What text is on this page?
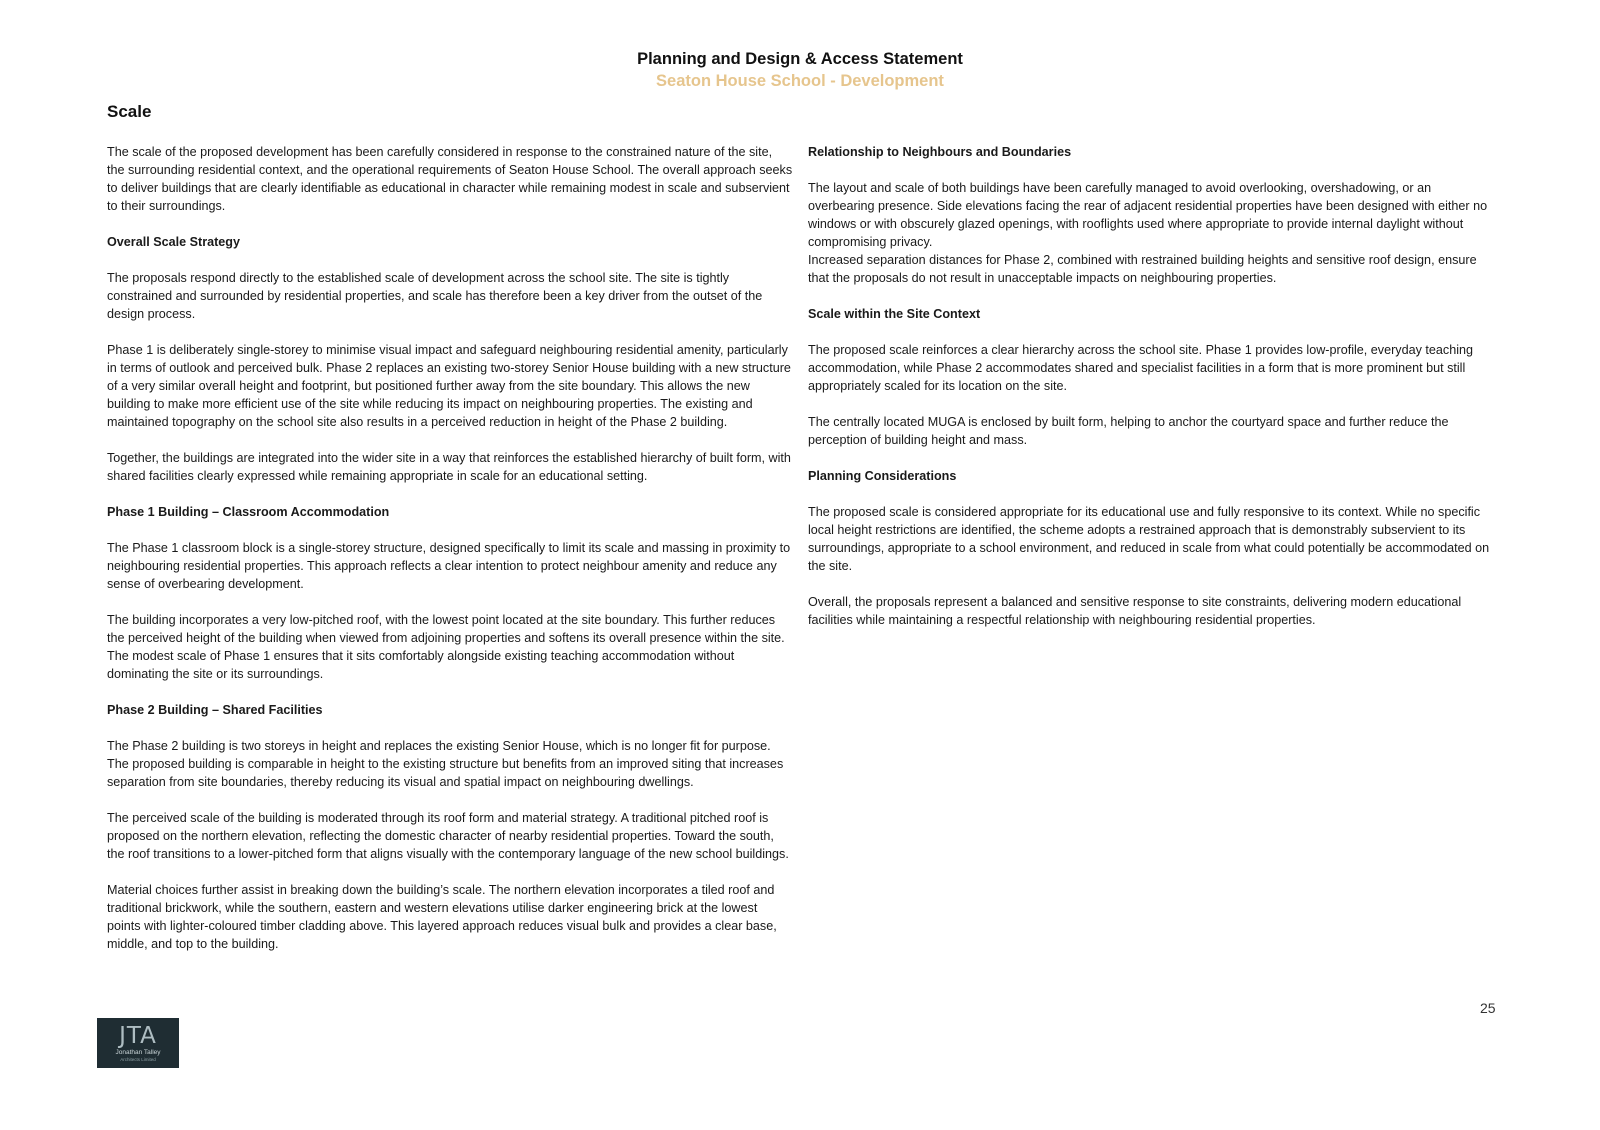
Planning and Design & Access Statement
Seaton House School - Development
Scale

The scale of the proposed development has been carefully considered in response to the constrained nature of the site, the surrounding residential context, and the operational requirements of Seaton House School. The overall approach seeks to deliver buildings that are clearly identifiable as educational in character while remaining modest in scale and subservient to their surroundings.

Overall Scale Strategy

The proposals respond directly to the established scale of development across the school site. The site is tightly constrained and surrounded by residential properties, and scale has therefore been a key driver from the outset of the design process.

Phase 1 is deliberately single-storey to minimise visual impact and safeguard neighbouring residential amenity, particularly in terms of outlook and perceived bulk. Phase 2 replaces an existing two-storey Senior House building with a new structure of a very similar overall height and footprint, but positioned further away from the site boundary. This allows the new building to make more efficient use of the site while reducing its impact on neighbouring properties. The existing and maintained topography on the school site also results in a perceived reduction in height of the Phase 2 building.

Together, the buildings are integrated into the wider site in a way that reinforces the established hierarchy of built form, with shared facilities clearly expressed while remaining appropriate in scale for an educational setting.

Phase 1 Building – Classroom Accommodation

The Phase 1 classroom block is a single-storey structure, designed specifically to limit its scale and massing in proximity to neighbouring residential properties. This approach reflects a clear intention to protect neighbour amenity and reduce any sense of overbearing development.

The building incorporates a very low-pitched roof, with the lowest point located at the site boundary. This further reduces the perceived height of the building when viewed from adjoining properties and softens its overall presence within the site. The modest scale of Phase 1 ensures that it sits comfortably alongside existing teaching accommodation without dominating the site or its surroundings.

Phase 2 Building – Shared Facilities

The Phase 2 building is two storeys in height and replaces the existing Senior House, which is no longer fit for purpose. The proposed building is comparable in height to the existing structure but benefits from an improved siting that increases separation from site boundaries, thereby reducing its visual and spatial impact on neighbouring dwellings.

The perceived scale of the building is moderated through its roof form and material strategy. A traditional pitched roof is proposed on the northern elevation, reflecting the domestic character of nearby residential properties. Toward the south, the roof transitions to a lower-pitched form that aligns visually with the contemporary language of the new school buildings.

Material choices further assist in breaking down the building’s scale. The northern elevation incorporates a tiled roof and traditional brickwork, while the southern, eastern and western elevations utilise darker engineering brick at the lowest points with lighter-coloured timber cladding above. This layered approach reduces visual bulk and provides a clear base, middle, and top to the building.

Relationship to Neighbours and Boundaries

The layout and scale of both buildings have been carefully managed to avoid overlooking, overshadowing, or an overbearing presence. Side elevations facing the rear of adjacent residential properties have been designed with either no windows or with obscurely glazed openings, with rooflights used where appropriate to provide internal daylight without compromising privacy.

Increased separation distances for Phase 2, combined with restrained building heights and sensitive roof design, ensure that the proposals do not result in unacceptable impacts on neighbouring properties.

Scale within the Site Context

The proposed scale reinforces a clear hierarchy across the school site. Phase 1 provides low-profile, everyday teaching accommodation, while Phase 2 accommodates shared and specialist facilities in a form that is more prominent but still appropriately scaled for its location on the site.

The centrally located MUGA is enclosed by built form, helping to anchor the courtyard space and further reduce the perception of building height and mass.

Planning Considerations

The proposed scale is considered appropriate for its educational use and fully responsive to its context. While no specific local height restrictions are identified, the scheme adopts a restrained approach that is demonstrably subservient to its surroundings, appropriate to a school environment, and reduced in scale from what could potentially be accommodated on the site.

Overall, the proposals represent a balanced and sensitive response to site constraints, delivering modern educational facilities while maintaining a respectful relationship with neighbouring residential properties.

25
JTA
Jonathan Talley
Architects Limited
